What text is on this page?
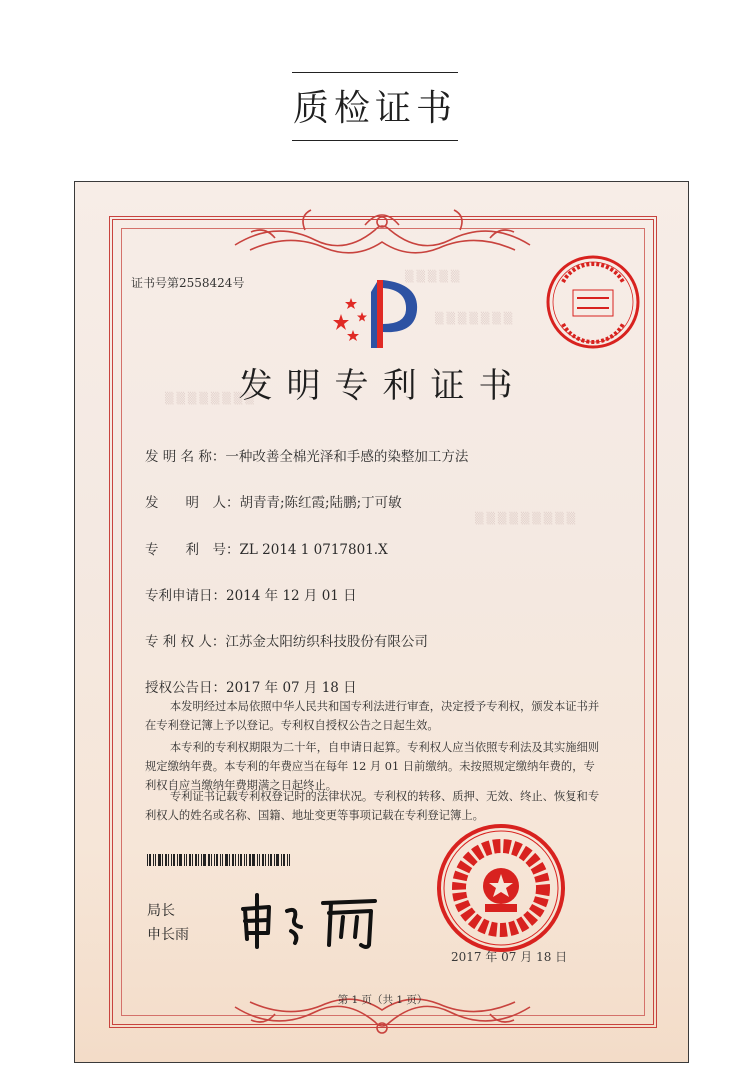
质检证书
▒▒▒▒▒
▒▒▒▒▒▒▒
▒▒▒▒▒▒▒▒
▒▒▒▒▒▒▒▒▒
证书号第2558424号
发明专利证书
发 明 名 称：一种改善全棉光泽和手感的染整加工方法
发　　明　人：胡青青;陈红霞;陆鹏;丁可敏
专　　利　号：ZL 2014 1 0717801.X
专利申请日：2014 年 12 月 01 日
专 利 权 人：江苏金太阳纺织科技股份有限公司
授权公告日：2017 年 07 月 18 日

本发明经过本局依照中华人民共和国专利法进行审查，决定授予专利权，颁发本证书并在专利登记簿上予以登记。专利权自授权公告之日起生效。

本专利的专利权期限为二十年，自申请日起算。专利权人应当依照专利法及其实施细则规定缴纳年费。本专利的年费应当在每年 12 月 01 日前缴纳。未按照规定缴纳年费的，专利权自应当缴纳年费期满之日起终止。

专利证书记载专利权登记时的法律状况。专利权的转移、质押、无效、终止、恢复和专利权人的姓名或名称、国籍、地址变更等事项记载在专利登记簿上。

局长
申长雨
2017 年 07 月 18 日
第 1 页（共 1 页）
